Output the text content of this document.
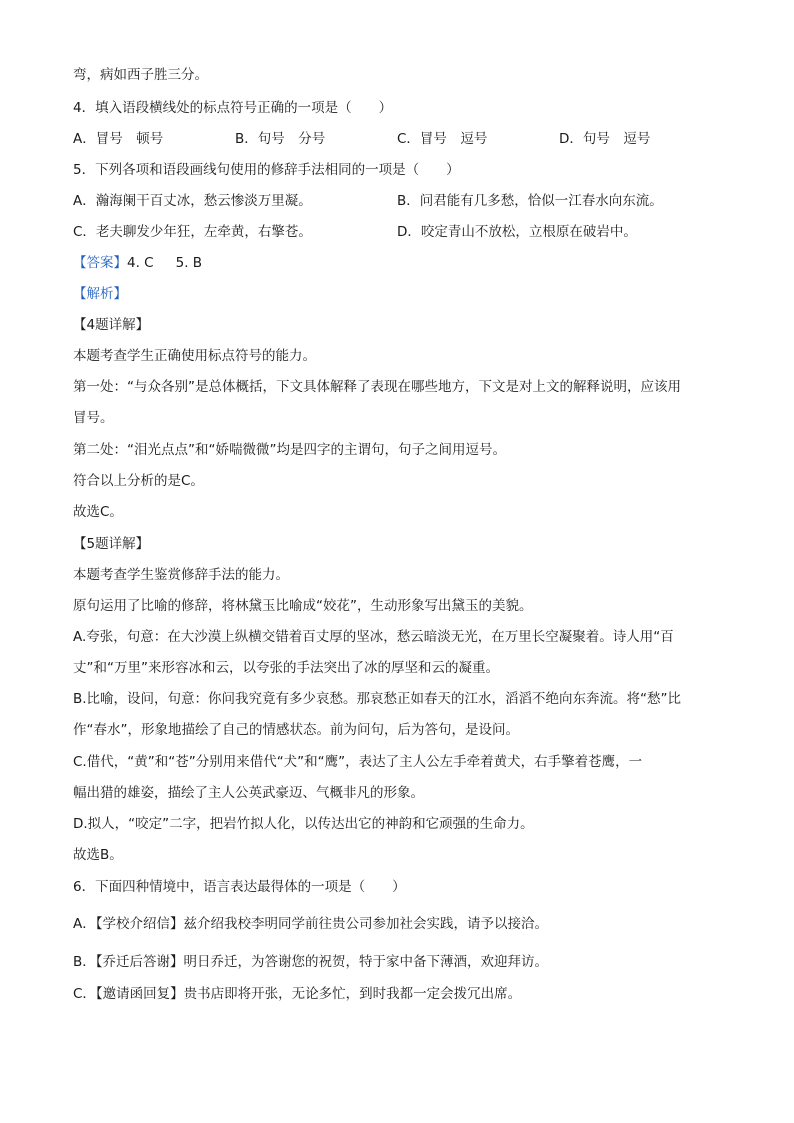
弯，病如西子胜三分。
4．填入语段横线处的标点符号正确的一项是（　　）
A．冒号　顿号	B．句号　分号	C．冒号　逗号	D．句号　逗号
5．下列各项和语段画线句使用的修辞手法相同的一项是（　　）
A．瀚海阑干百丈冰，愁云惨淡万里凝。	B．问君能有几多愁，恰似一江春水向东流。
C．老夫聊发少年狂，左牵黄，右擎苍。	D．咬定青山不放松，立根原在破岩中。
【答案】4. C 5. B
【解析】
【4题详解】
本题考查学生正确使用标点符号的能力。
第一处：“与众各别”是总体概括，下文具体解释了表现在哪些地方，下文是对上文的解释说明，应该用
冒号。
第二处：“泪光点点”和“娇喘微微”均是四字的主谓句，句子之间用逗号。
符合以上分析的是C。
故选C。
【5题详解】
本题考查学生鉴赏修辞手法的能力。
原句运用了比喻的修辞，将林黛玉比喻成“姣花”，生动形象写出黛玉的美貌。
A.夸张，句意：在大沙漠上纵横交错着百丈厚的坚冰，愁云暗淡无光，在万里长空凝聚着。诗人用“百
丈”和“万里”来形容冰和云，以夸张的手法突出了冰的厚坚和云的凝重。
B.比喻，设问，句意：你问我究竟有多少哀愁。那哀愁正如春天的江水，滔滔不绝向东奔流。将“愁”比
作“春水”，形象地描绘了自己的情感状态。前为问句，后为答句，是设问。
C.借代，“黄”和“苍”分别用来借代“犬”和“鹰”，表达了主人公左手牵着黄犬，右手擎着苍鹰，一
幅出猎的雄姿，描绘了主人公英武豪迈、气概非凡的形象。
D.拟人，“咬定”二字，把岩竹拟人化，以传达出它的神韵和它顽强的生命力。
故选B。
6．下面四种情境中，语言表达最得体的一项是（　　）
A．【学校介绍信】兹介绍我校李明同学前往贵公司参加社会实践，请予以接洽。
B．【乔迁后答谢】明日乔迁，为答谢您的祝贺，特于家中备下薄酒，欢迎拜访。
C．【邀请函回复】贵书店即将开张，无论多忙，到时我都一定会拨冗出席。
